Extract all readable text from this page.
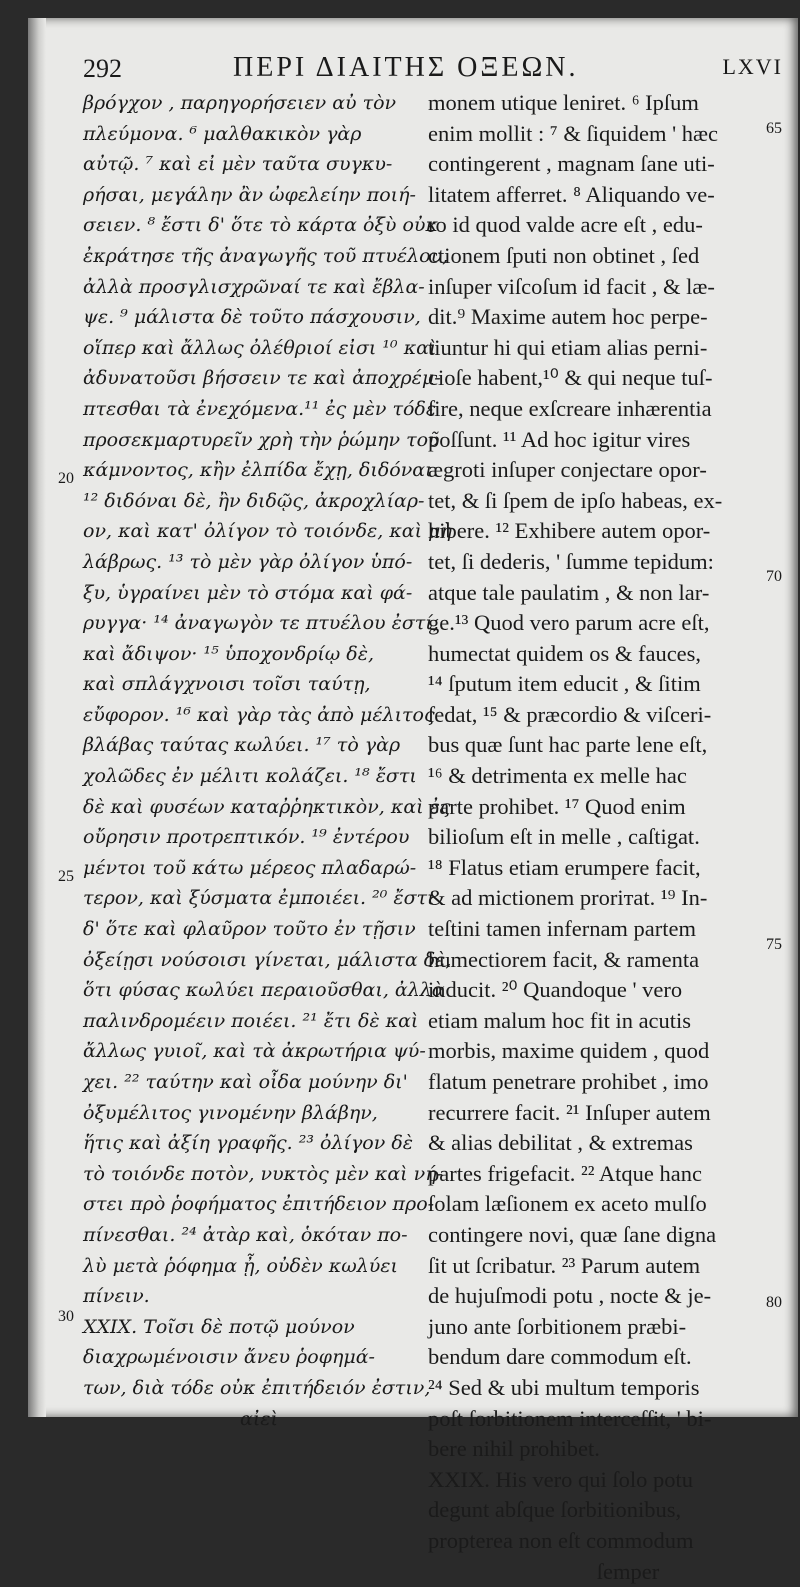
292	ΠΕΡΙ ΔΙΑΙΤΗΣ ΟΞΕΩΝ.	LXVI
βρόγχον , παρηγορήσειεν αὐ τὸν
πλεύμονα. ⁶ μαλθακικὸν γὰρ
αὐτῷ. ⁷ καὶ εἰ μὲν ταῦτα συγκυ-
ρήσαι, μεγάλην ἂν ὠφελείην ποιή-
σειεν. ⁸ ἔστι δ' ὅτε τὸ κάρτα ὀξὺ οὐκ
ἐκράτησε τῆς ἀναγωγῆς τοῦ πτυέλου,
ἀλλὰ προσγλισχρῶναί τε καὶ ἔβλα-
ψε. ⁹ μάλιστα δὲ τοῦτο πάσχουσιν,
οἵπερ καὶ ἄλλως ὀλέθριοί εἰσι ¹⁰ καὶ
ἀδυνατοῦσι βήσσειν τε καὶ ἀποχρέμ-
πτεσθαι τὰ ἐνεχόμενα.¹¹ ἐς μὲν τόδε
προσεκμαρτυρεῖν χρὴ τὴν ῥώμην τοῦ
κάμνοντος, κἢν ἐλπίδα ἔχῃ, διδόναι.
¹² διδόναι δὲ, ἢν διδῷς, ἀκροχλίαρ-
ον, καὶ κατ' ὀλίγον τὸ τοιόνδε, καὶ μὴ
λάβρως. ¹³ τὸ μὲν γὰρ ὀλίγον ὑπό-
ξυ, ὑγραίνει μὲν τὸ στόμα καὶ φά-
ρυγγα· ¹⁴ ἀναγωγὸν τε πτυέλου ἐστί,
καὶ ἄδιψον· ¹⁵ ὑποχονδρίῳ δὲ,
καὶ σπλάγχνοισι τοῖσι ταύτῃ,
εὔφορον. ¹⁶ καὶ γὰρ τὰς ἀπὸ μέλιτος
βλάβας ταύτας κωλύει. ¹⁷ τὸ γὰρ
χολῶδες ἐν μέλιτι κολάζει. ¹⁸ ἔστι
δὲ καὶ φυσέων καταῤῥηκτικὸν, καὶ ἐς
οὔρησιν προτρεπτικόν. ¹⁹ ἐντέρου
μέντοι τοῦ κάτω μέρεος πλαδαρώ-
τερον, καὶ ξύσματα ἐμποιέει. ²⁰ ἔστι
δ' ὅτε καὶ φλαῦρον τοῦτο ἐν τῇσιν
ὀξείῃσι νούσοισι γίνεται, μάλιστα δὲ,
ὅτι φύσας κωλύει περαιοῦσθαι, ἀλλὰ
παλινδρομέειν ποιέει. ²¹ ἔτι δὲ καὶ
ἄλλως γυιοῖ, καὶ τὰ ἀκρωτήρια ψύ-
χει. ²² ταύτην καὶ οἶδα μούνην δι'
ὀξυμέλιτος γινομένην βλάβην,
ἥτις καὶ ἀξίη γραφῆς. ²³ ὀλίγον δὲ
τὸ τοιόνδε ποτὸν, νυκτὸς μὲν καὶ νή-
στει πρὸ ῥοφήματος ἐπιτήδειον προ-
πίνεσθαι. ²⁴ ἀτὰρ καὶ, ὁκόταν πο-
λὺ μετὰ ῥόφημα ᾖ, οὐδὲν κωλύει
πίνειν.
XXIX. Τοῖσι δὲ ποτῷ μούνον
διαχρωμένοισιν ἄνευ ῥοφημά-
των, διὰ τόδε οὐκ ἐπιτήδειόν ἐστιν,
αἰεὶ
monem utique leniret. ⁶ Ipſum
enim mollit : ⁷ & ſiquidem ' hæc
contingerent , magnam ſane uti-
litatem afferret. ⁸ Aliquando ve-
ro id quod valde acre eſt , edu-
ctionem ſputi non obtinet , ſed
inſuper viſcoſum id facit , & læ-
dit.⁹ Maxime autem hoc perpe-
tiuntur hi qui etiam alias perni-
cioſe habent,¹⁰ & qui neque tuſ-
ſire, neque exſcreare inhærentia
poſſunt. ¹¹ Ad hoc igitur vires
ægroti inſuper conjectare opor-
tet, & ſi ſpem de ipſo habeas, ex-
hibere. ¹² Exhibere autem opor-
tet, ſi dederis, ' ſumme tepidum:
atque tale paulatim , & non lar-
ge.¹³ Quod vero parum acre eſt,
humectat quidem os & fauces,
¹⁴ ſputum item educit , & ſitim
ſedat, ¹⁵ & præcordio & viſceri-
bus quæ ſunt hac parte lene eſt,
¹⁶ & detrimenta ex melle hac
parte prohibet. ¹⁷ Quod enim
bilioſum eſt in melle , caſtigat.
¹⁸ Flatus etiam erumpere facit,
& ad mictionem prorітat. ¹⁹ In-
teſtini tamen infernam partem
humectiorem facit, & ramenta
inducit. ²⁰ Quandoque ' vero
etiam malum hoc fit in acutis
morbis, maxime quidem , quod
flatum penetrare prohibet , imo
recurrere facit. ²¹ Inſuper autem
& alias debilitat , & extremas
partes frigefacit. ²² Atque hanc
ſolam læſionem ex aceto mulſo
contingere novi, quæ ſane digna
ſit ut ſcribatur. ²³ Parum autem
de hujuſmodi potu , nocte & je-
juno ante ſorbitionem præbi-
bendum dare commodum eſt.
²⁴ Sed & ubi multum temporis
poſt ſorbitionem interceſſit, ' bi-
bere nihil prohibet.
XXIX. His vero qui ſolo potu
degunt abſque ſorbitionibus,
propterea non eſt commodum
ſemper
20
25
30
65
70
75
80
